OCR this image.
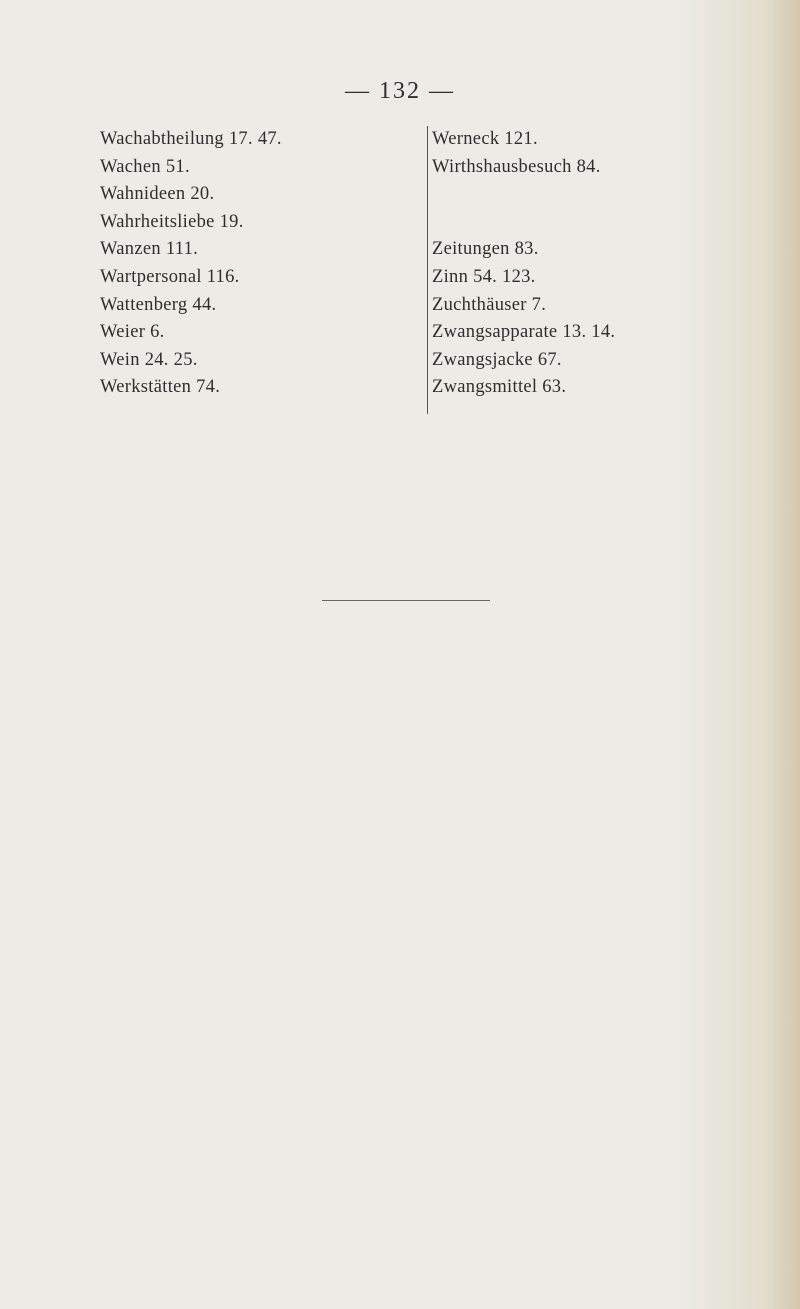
— 132 —
Wachabtheilung 17. 47.
Wachen 51.
Wahnideen 20.
Wahrheitsliebe 19.
Wanzen 111.
Wartpersonal 116.
Wattenberg 44.
Weier 6.
Wein 24. 25.
Werkstätten 74.
Werneck 121.
Wirthshausbesuch 84.
Zeitungen 83.
Zinn 54. 123.
Zuchthäuser 7.
Zwangsapparate 13. 14.
Zwangsjacke 67.
Zwangsmittel 63.
